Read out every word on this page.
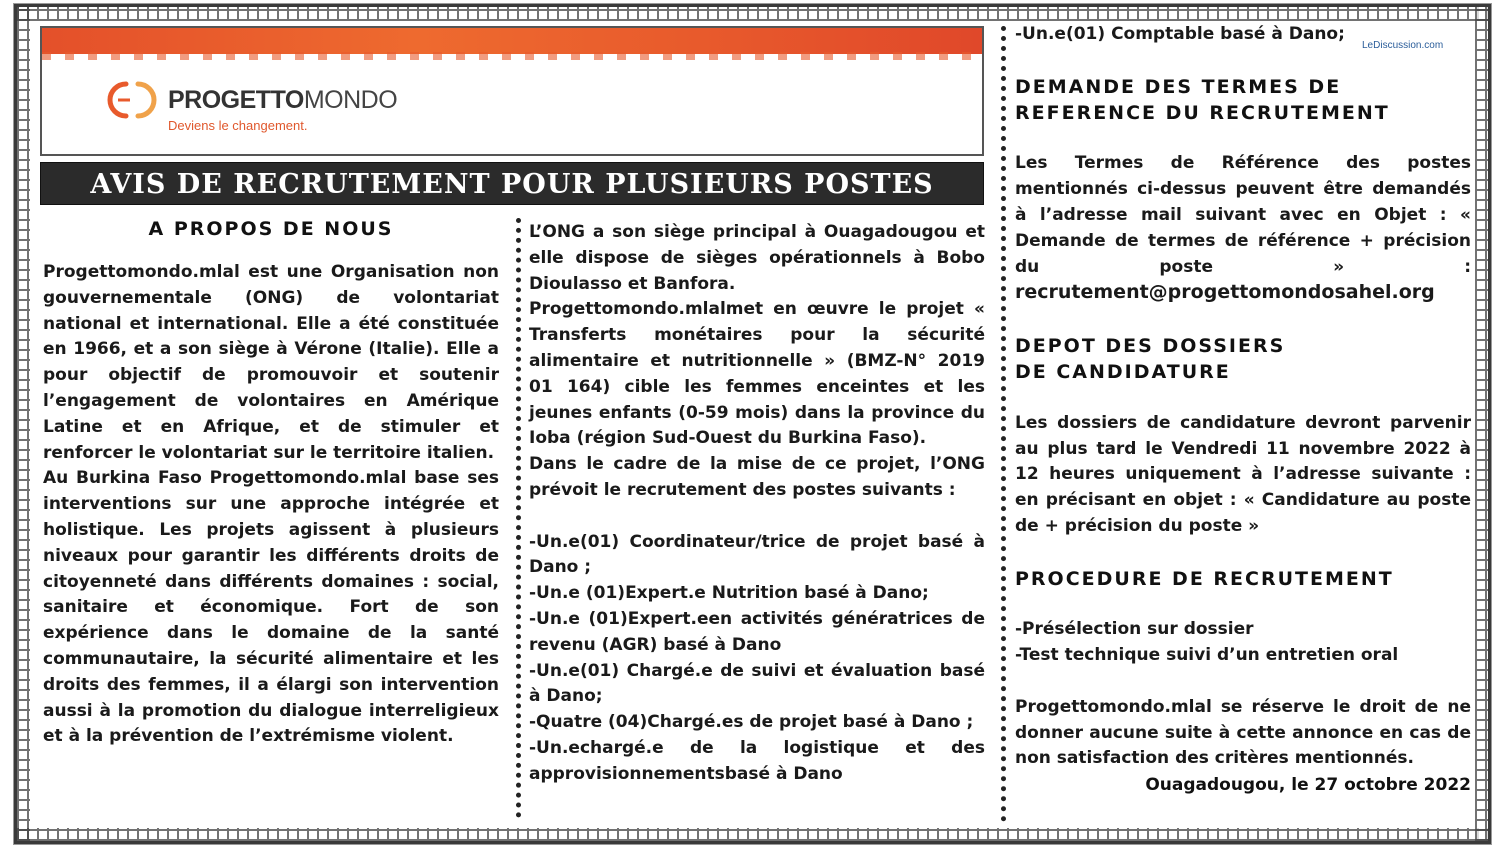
PROGETTOMONDO
Deviens le changement.
LeDiscussion.com
AVIS DE RECRUTEMENT POUR PLUSIEURS POSTES
A PROPOS DE NOUS

Progettomondo.mlal est une Organisation non gouvernementale (ONG) de volontariat national et international. Elle a été constituée en 1966, et a son siège à Vérone (Italie). Elle a pour objectif de promouvoir et soutenir l’engagement de volontaires en Amérique Latine et en Afrique, et de stimuler et renforcer le volontariat sur le territoire italien.

Au Burkina Faso Progettomondo.mlal base ses interventions sur une approche intégrée et holistique. Les projets agissent à plusieurs niveaux pour garantir les différents droits de citoyenneté dans différents domaines : social, sanitaire et économique. Fort de son expérience dans le domaine de la santé communautaire, la sécurité alimentaire et les droits des femmes, il a élargi son intervention aussi à la promotion du dialogue interreligieux et à la prévention de l’extrémisme violent.

L’ONG a son siège principal à Ouagadougou et elle dispose de sièges opérationnels à Bobo Dioulasso et Banfora.

Progettomondo.mlalmet en œuvre le projet « Transferts monétaires pour la sécurité alimentaire et nutritionnelle » (BMZ-N° 2019 01 164) cible les femmes enceintes et les jeunes enfants (0-59 mois) dans la province du Ioba (région Sud-Ouest du Burkina Faso).

Dans le cadre de la mise de ce projet, l’ONG prévoit le recrutement des postes suivants :

-Un.e(01) Coordinateur/trice de projet basé à Dano ;

-Un.e (01)Expert.e Nutrition basé à Dano;

-Un.e (01)Expert.een activités génératrices de revenu (AGR) basé à Dano

-Un.e(01) Chargé.e de suivi et évaluation basé à Dano;

-Quatre (04)Chargé.es de projet basé à Dano ;

-Un.echargé.e de la logistique et des approvisionnementsbasé à Dano

-Un.e(01) Comptable basé à Dano;

DEMANDE DES TERMES DE REFERENCE DU RECRUTEMENT

Les Termes de Référence des postes mentionnés ci-dessus peuvent être demandés à l’adresse mail suivant avec en Objet : « Demande de termes de référence + précision du poste » : recrutement@progettomondosahel.org

DEPOT DES DOSSIERS
DE CANDIDATURE

Les dossiers de candidature devront parvenir au plus tard le Vendredi 11 novembre 2022 à 12 heures uniquement à l’adresse suivante : en précisant en objet : « Candidature au poste de + précision du poste »

PROCEDURE DE RECRUTEMENT

-Présélection sur dossier

-Test technique suivi d’un entretien oral

Progettomondo.mlal se réserve le droit de ne donner aucune suite à cette annonce en cas de non satisfaction des critères mentionnés.

Ouagadougou, le 27 octobre 2022
